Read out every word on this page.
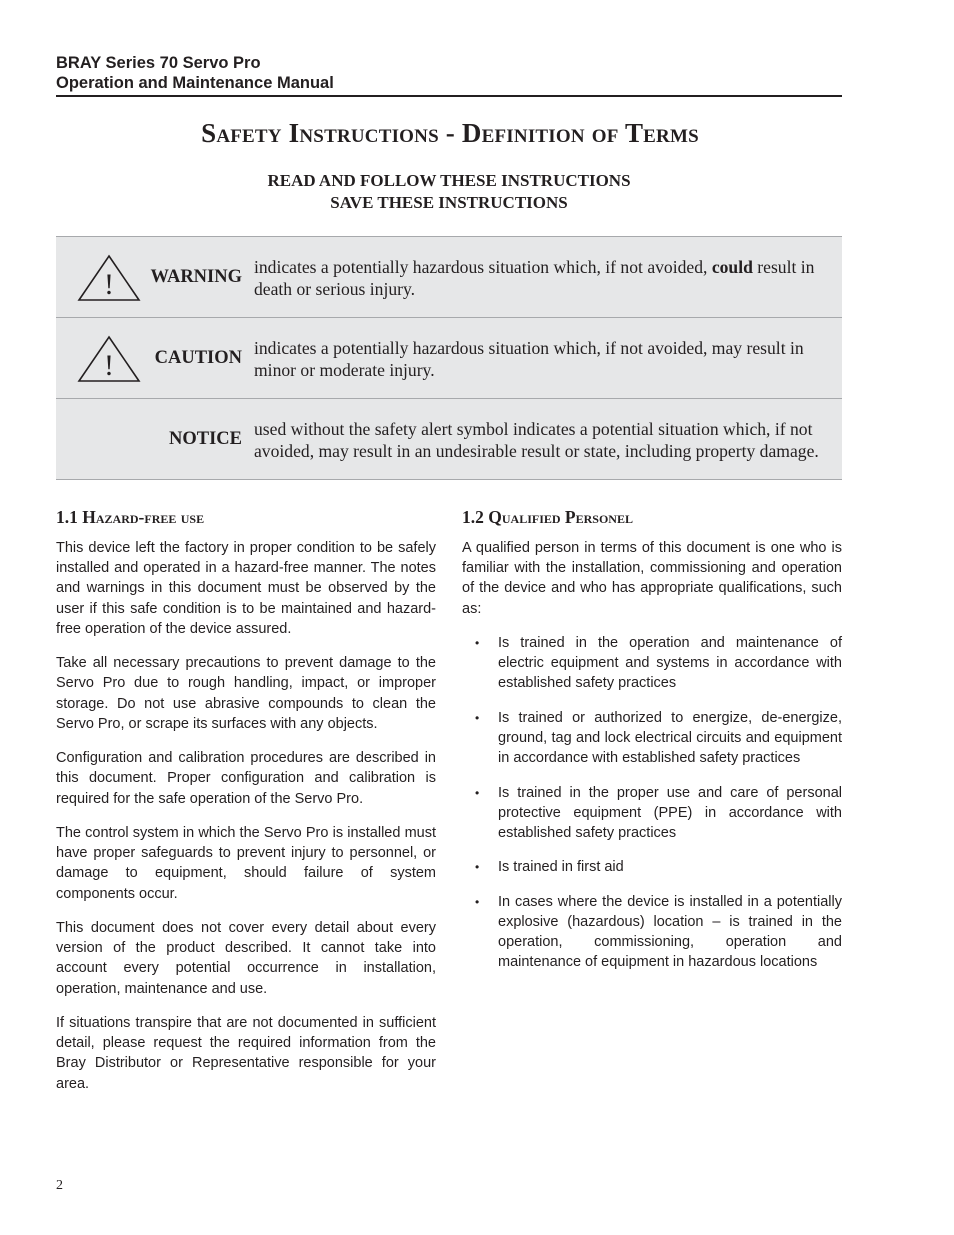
BRAY Series 70 Servo Pro
Operation and Maintenance Manual
Safety Instructions - Definition of Terms
READ AND FOLLOW THESE INSTRUCTIONS
SAVE THESE INSTRUCTIONS
! WARNING indicates a potentially hazardous situation which, if not avoided, could result in death or serious injury.
! CAUTION indicates a potentially hazardous situation which, if not avoided, may result in minor or moderate injury.
NOTICE used without the safety alert symbol indicates a potential situation which, if not avoided, may result in an undesirable result or state, including property damage.
1.1 Hazard-free use

This device left the factory in proper condition to be safely installed and operated in a hazard-free manner. The notes and warnings in this document must be observed by the user if this safe condition is to be maintained and hazard-free operation of the device assured.

Take all necessary precautions to prevent damage to the Servo Pro due to rough handling, impact, or improper storage. Do not use abrasive compounds to clean the Servo Pro, or scrape its surfaces with any objects.

Configuration and calibration procedures are described in this document. Proper configuration and calibration is required for the safe operation of the Servo Pro.

The control system in which the Servo Pro is installed must have proper safeguards to prevent injury to personnel, or damage to equipment, should failure of system components occur.

This document does not cover every detail about every version of the product described. It cannot take into account every potential occurrence in installation, operation, maintenance and use.

If situations transpire that are not documented in sufficient detail, please request the required information from the Bray Distributor or Representative responsible for your area.

1.2 Qualified Personel

A qualified person in terms of this document is one who is familiar with the installation, commissioning and operation of the device and who has appropriate qualifications, such as:

• Is trained in the operation and maintenance of electric equipment and systems in accordance with established safety practices
• Is trained or authorized to energize, de-energize, ground, tag and lock electrical circuits and equipment in accordance with established safety practices
• Is trained in the proper use and care of personal protective equipment (PPE) in accordance with established safety practices
• Is trained in first aid
• In cases where the device is installed in a potentially explosive (hazardous) location – is trained in the operation, commissioning, operation and maintenance of equipment in hazardous locations
2
